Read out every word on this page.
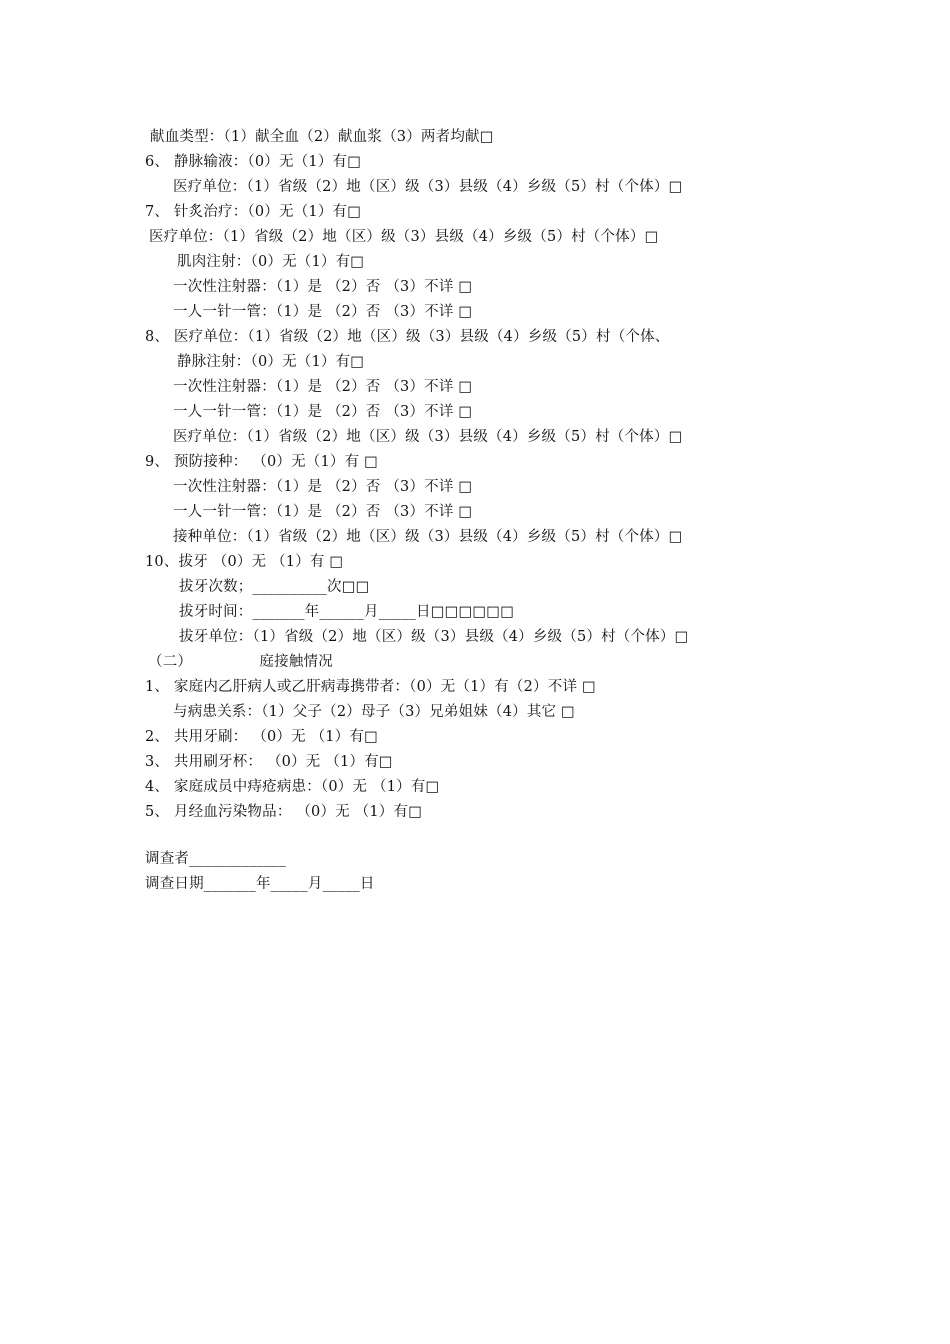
献血类型：（1）献全血（2）献血浆（3）两者均献□
6、 静脉输液：（0）无（1）有□
医疗单位：（1）省级（2）地（区）级（3）县级（4）乡级（5）村（个体）□
7、 针炙治疗：（0）无（1）有□
医疗单位：（1）省级（2）地（区）级（3）县级（4）乡级（5）村（个体）□
肌肉注射：（0）无（1）有□
一次性注射器：（1）是 （2）否 （3）不详 □
一人一针一管：（1）是 （2）否 （3）不详 □
8、 医疗单位：（1）省级（2）地（区）级（3）县级（4）乡级（5）村（个体、
静脉注射：（0）无（1）有□
一次性注射器：（1）是 （2）否 （3）不详 □
一人一针一管：（1）是 （2）否 （3）不详 □
医疗单位：（1）省级（2）地（区）级（3）县级（4）乡级（5）村（个体）□
9、 预防接种： （0）无（1）有 □
一次性注射器：（1）是 （2）否 （3）不详 □
一人一针一管：（1）是 （2）否 （3）不详 □
接种单位：（1）省级（2）地（区）级（3）县级（4）乡级（5）村（个体）□
10、拔牙 （0）无 （1）有 □
拔牙次数；__________次□□
拔牙时间：_______年______月_____日□□□□□□
拔牙单位：（1）省级（2）地（区）级（3）县级（4）乡级（5）村（个体）□
（二）              庭接触情况
1、 家庭内乙肝病人或乙肝病毒携带者：（0）无（1）有（2）不详 □
与病患关系：（1）父子（2）母子（3）兄弟姐妹（4）其它 □
2、 共用牙刷： （0）无 （1）有□
3、 共用刷牙杯： （0）无 （1）有□
4、 家庭成员中痔疮病患：（0）无 （1）有□
5、 月经血污染物品： （0）无 （1）有□
调查者_____________
调查日期_______年_____月_____日
